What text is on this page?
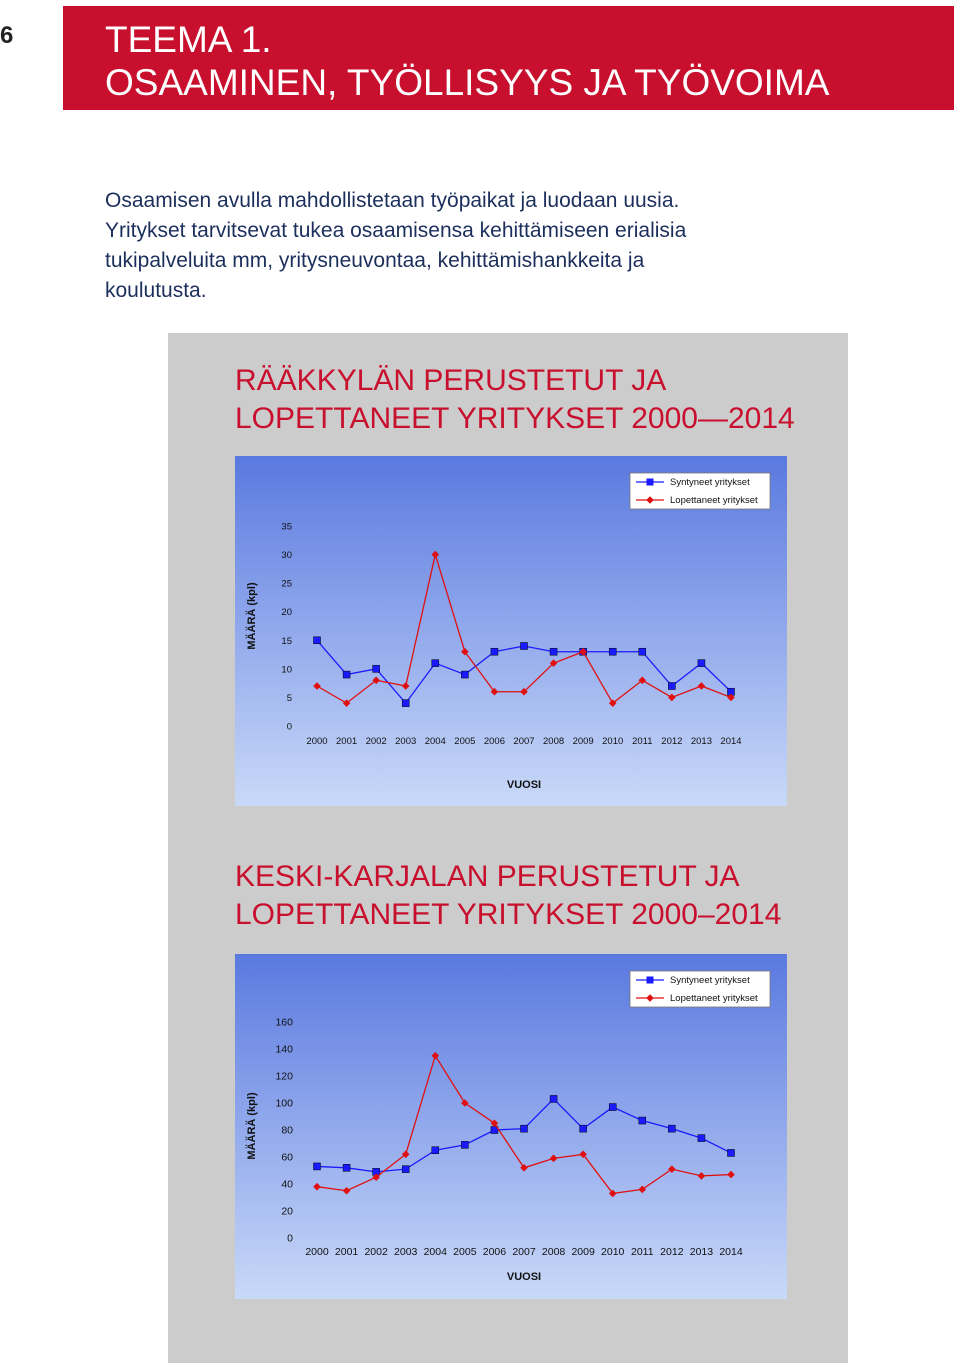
6 TEEMA 1.
OSAAMINEN, TYÖLLISYYS JA TYÖVOIMA
Osaamisen avulla mahdollistetaan työpaikat ja luodaan uusia.
Yritykset tarvitsevat tukea osaamisensa kehittämiseen erialisia
tukipalveluita mm, yritysneuvontaa, kehittämishankkeita ja
koulutusta.
RÄÄKKYLÄN PERUSTETUT JA
LOPETTANEET YRITYKSET 2000—2014
0
5
10
15
20
25
30
35
2000 2001 2002 2003 2004 2005 2006 2007 2008 2009 2010 2011 2012 2013 2014
VUOSI
MÄÄRÄ (kpl)
Syntyneet yritykset
Lopettaneet yritykset
KESKI-KARJALAN PERUSTETUT JA
LOPETTANEET YRITYKSET 2000–2014
0
20
40
60
80
100
120
140
160
2000 2001 2002 2003 2004 2005 2006 2007 2008 2009 2010 2011 2012 2013 2014
VUOSI
MÄÄRÄ (kpl)
Syntyneet yritykset
Lopettaneet yritykset
